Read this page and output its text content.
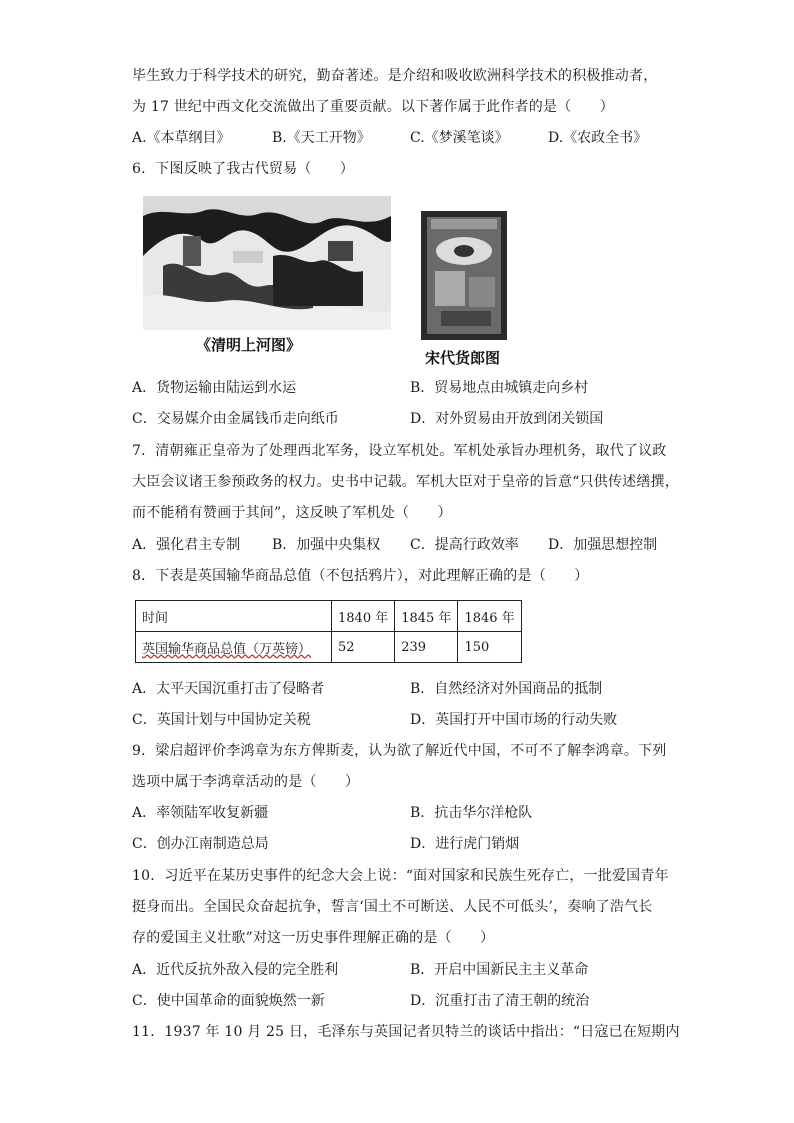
毕生致力于科学技术的研究，勤奋著述。是介绍和吸收欧洲科学技术的积极推动者，
为 17 世纪中西文化交流做出了重要贡献。以下著作属于此作者的是（　　）
A.《本草纲目》	B.《天工开物》	C.《梦溪笔谈》	D.《农政全书》
6．下图反映了我古代贸易（　　）
《清明上河图》
宋代货郎图
A．货物运输由陆运到水运	B．贸易地点由城镇走向乡村
C．交易媒介由金属钱币走向纸币	D．对外贸易由开放到闭关锁国
7．清朝雍正皇帝为了处理西北军务，设立军机处。军机处承旨办理机务，取代了议政
大臣会议诸王参预政务的权力。史书中记载。军机大臣对于皇帝的旨意“只供传述缮撰，
而不能稍有赞画于其间”，这反映了军机处（　　）
A．强化君主专制 B．加强中央集权 C．提高行政效率 D．加强思想控制
8．下表是英国输华商品总值（不包括鸦片），对此理解正确的是（　　）
时间	1840 年	1845 年	1846 年
英国输华商品总值（万英镑）	52	239	150
A．太平天国沉重打击了侵略者	B．自然经济对外国商品的抵制
C．英国计划与中国协定关税	D．英国打开中国市场的行动失败
9．梁启超评价李鸿章为东方俾斯麦，认为欲了解近代中国，不可不了解李鸿章。下列
选项中属于李鸿章活动的是（　　）
A．率领陆军收复新疆	B．抗击华尔洋枪队
C．创办江南制造总局	D．进行虎门销烟
10．习近平在某历史事件的纪念大会上说：“面对国家和民族生死存亡，一批爱国青年
挺身而出。全国民众奋起抗争，誓言‘国土不可断送、人民不可低头’，奏响了浩气长
存的爱国主义壮歌”对这一历史事件理解正确的是（　　）
A．近代反抗外敌入侵的完全胜利	B．开启中国新民主主义革命
C．使中国革命的面貌焕然一新	D．沉重打击了清王朝的统治
11．1937 年 10 月 25 日，毛泽东与英国记者贝特兰的谈话中指出：“日寇已在短期内
